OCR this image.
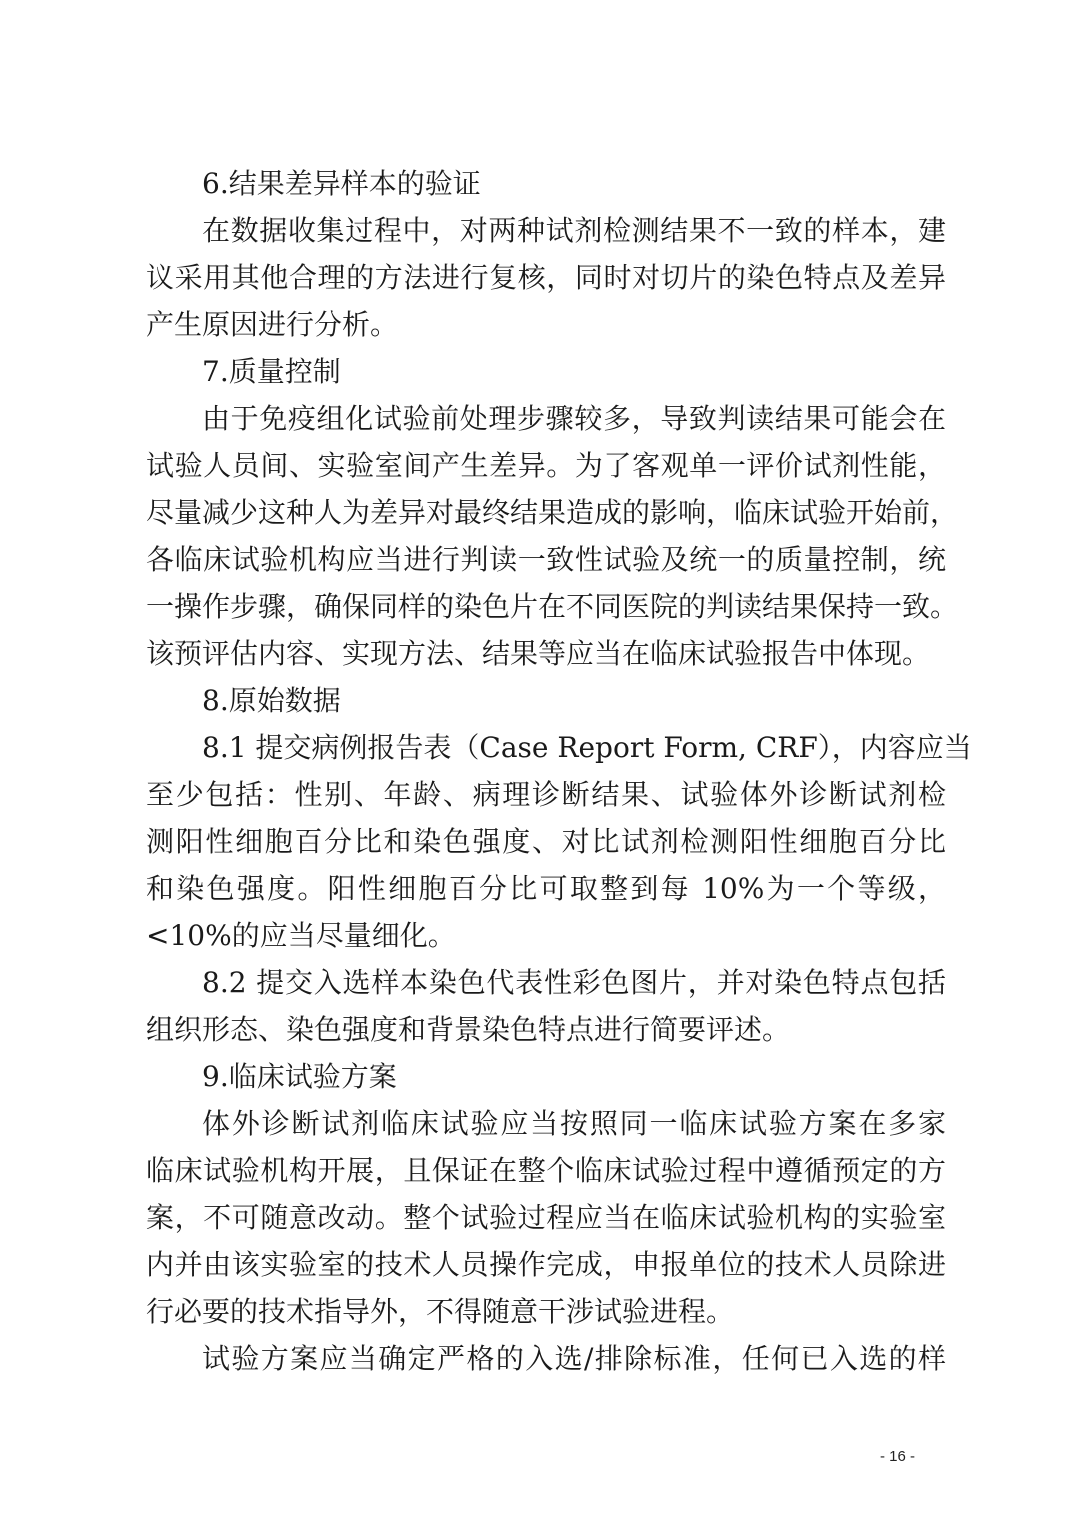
6.结果差异样本的验证
在数据收集过程中，对两种试剂检测结果不一致的样本，建
议采用其他合理的方法进行复核，同时对切片的染色特点及差异
产生原因进行分析。
7.质量控制
由于免疫组化试验前处理步骤较多，导致判读结果可能会在
试验人员间、实验室间产生差异。为了客观单一评价试剂性能，
尽量减少这种人为差异对最终结果造成的影响，临床试验开始前，
各临床试验机构应当进行判读一致性试验及统一的质量控制，统
一操作步骤，确保同样的染色片在不同医院的判读结果保持一致。
该预评估内容、实现方法、结果等应当在临床试验报告中体现。
8.原始数据
8.1 提交病例报告表（Case Report Form, CRF），内容应当
至少包括：性别、年龄、病理诊断结果、试验体外诊断试剂检
测阳性细胞百分比和染色强度、对比试剂检测阳性细胞百分比
和染色强度。阳性细胞百分比可取整到每 10%为一个等级，
<10%的应当尽量细化。
8.2 提交入选样本染色代表性彩色图片，并对染色特点包括
组织形态、染色强度和背景染色特点进行简要评述。
9.临床试验方案
体外诊断试剂临床试验应当按照同一临床试验方案在多家
临床试验机构开展，且保证在整个临床试验过程中遵循预定的方
案，不可随意改动。整个试验过程应当在临床试验机构的实验室
内并由该实验室的技术人员操作完成，申报单位的技术人员除进
行必要的技术指导外，不得随意干涉试验进程。
试验方案应当确定严格的入选/排除标准，任何已入选的样
- 16 -
